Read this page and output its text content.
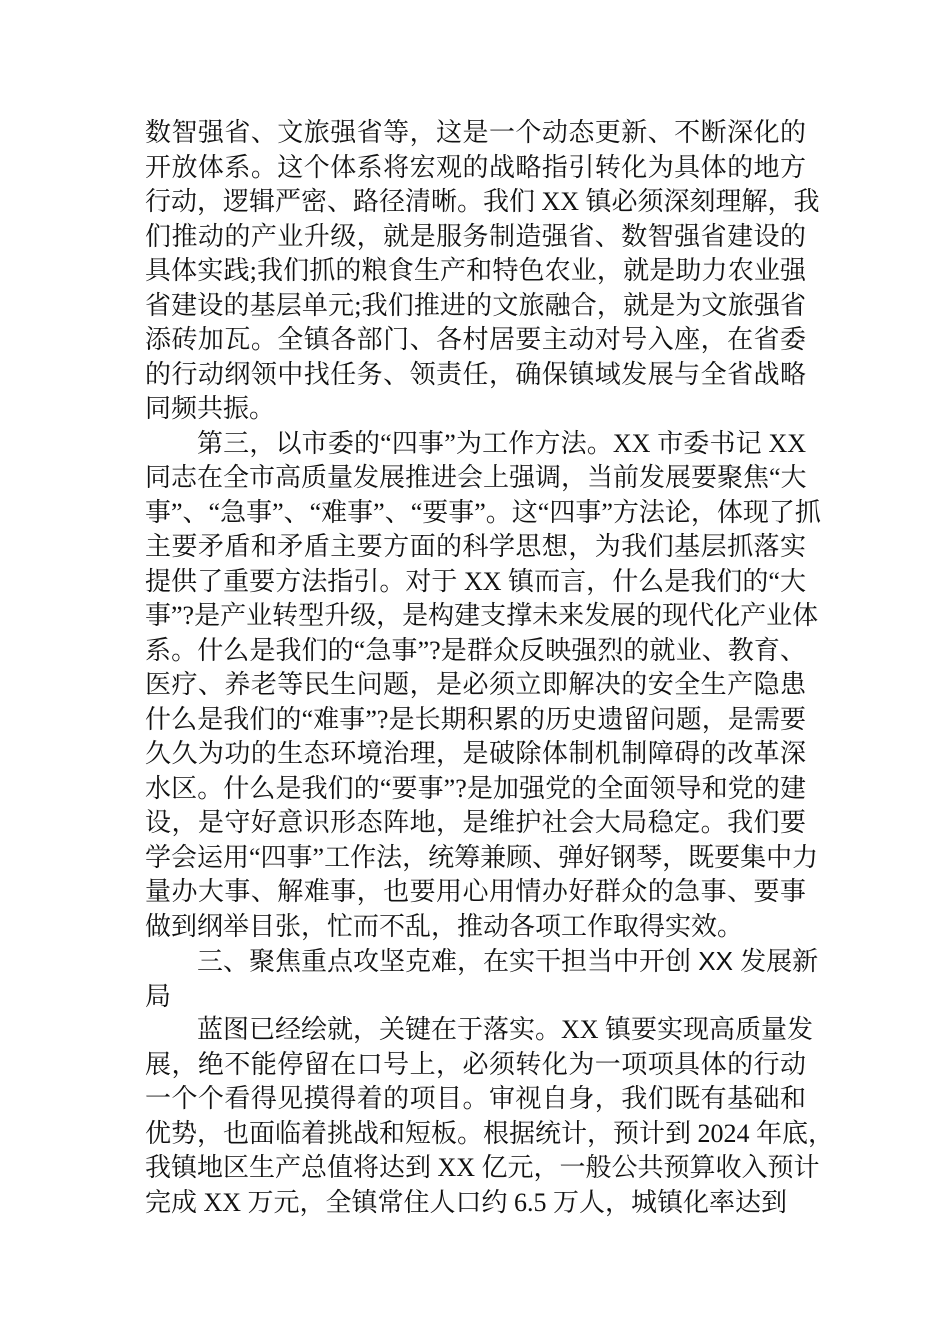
数智强省、文旅强省等，这是一个动态更新、不断深化的
开放体系。这个体系将宏观的战略指引转化为具体的地方
行动，逻辑严密、路径清晰。我们 XX 镇必须深刻理解，我
们推动的产业升级，就是服务制造强省、数智强省建设的
具体实践;我们抓的粮食生产和特色农业，就是助力农业强
省建设的基层单元;我们推进的文旅融合，就是为文旅强省
添砖加瓦。全镇各部门、各村居要主动对号入座，在省委
的行动纲领中找任务、领责任，确保镇域发展与全省战略
同频共振。
第三，以市委的“四事”为工作方法。XX 市委书记 XX
同志在全市高质量发展推进会上强调，当前发展要聚焦“大
事”、“急事”、“难事”、“要事”。这“四事”方法论，体现了抓
主要矛盾和矛盾主要方面的科学思想，为我们基层抓落实
提供了重要方法指引。对于 XX 镇而言，什么是我们的“大
事”?是产业转型升级，是构建支撑未来发展的现代化产业体
系。什么是我们的“急事”?是群众反映强烈的就业、教育、
医疗、养老等民生问题，是必须立即解决的安全生产隐患
什么是我们的“难事”?是长期积累的历史遗留问题，是需要
久久为功的生态环境治理，是破除体制机制障碍的改革深
水区。什么是我们的“要事”?是加强党的全面领导和党的建
设，是守好意识形态阵地，是维护社会大局稳定。我们要
学会运用“四事”工作法，统筹兼顾、弹好钢琴，既要集中力
量办大事、解难事，也要用心用情办好群众的急事、要事
做到纲举目张，忙而不乱，推动各项工作取得实效。
三、聚焦重点攻坚克难，在实干担当中开创 XX 发展新
局
蓝图已经绘就，关键在于落实。XX 镇要实现高质量发
展，绝不能停留在口号上，必须转化为一项项具体的行动
一个个看得见摸得着的项目。审视自身，我们既有基础和
优势，也面临着挑战和短板。根据统计，预计到 2024 年底，
我镇地区生产总值将达到 XX 亿元，一般公共预算收入预计
完成 XX 万元，全镇常住人口约 6.5 万人，城镇化率达到
